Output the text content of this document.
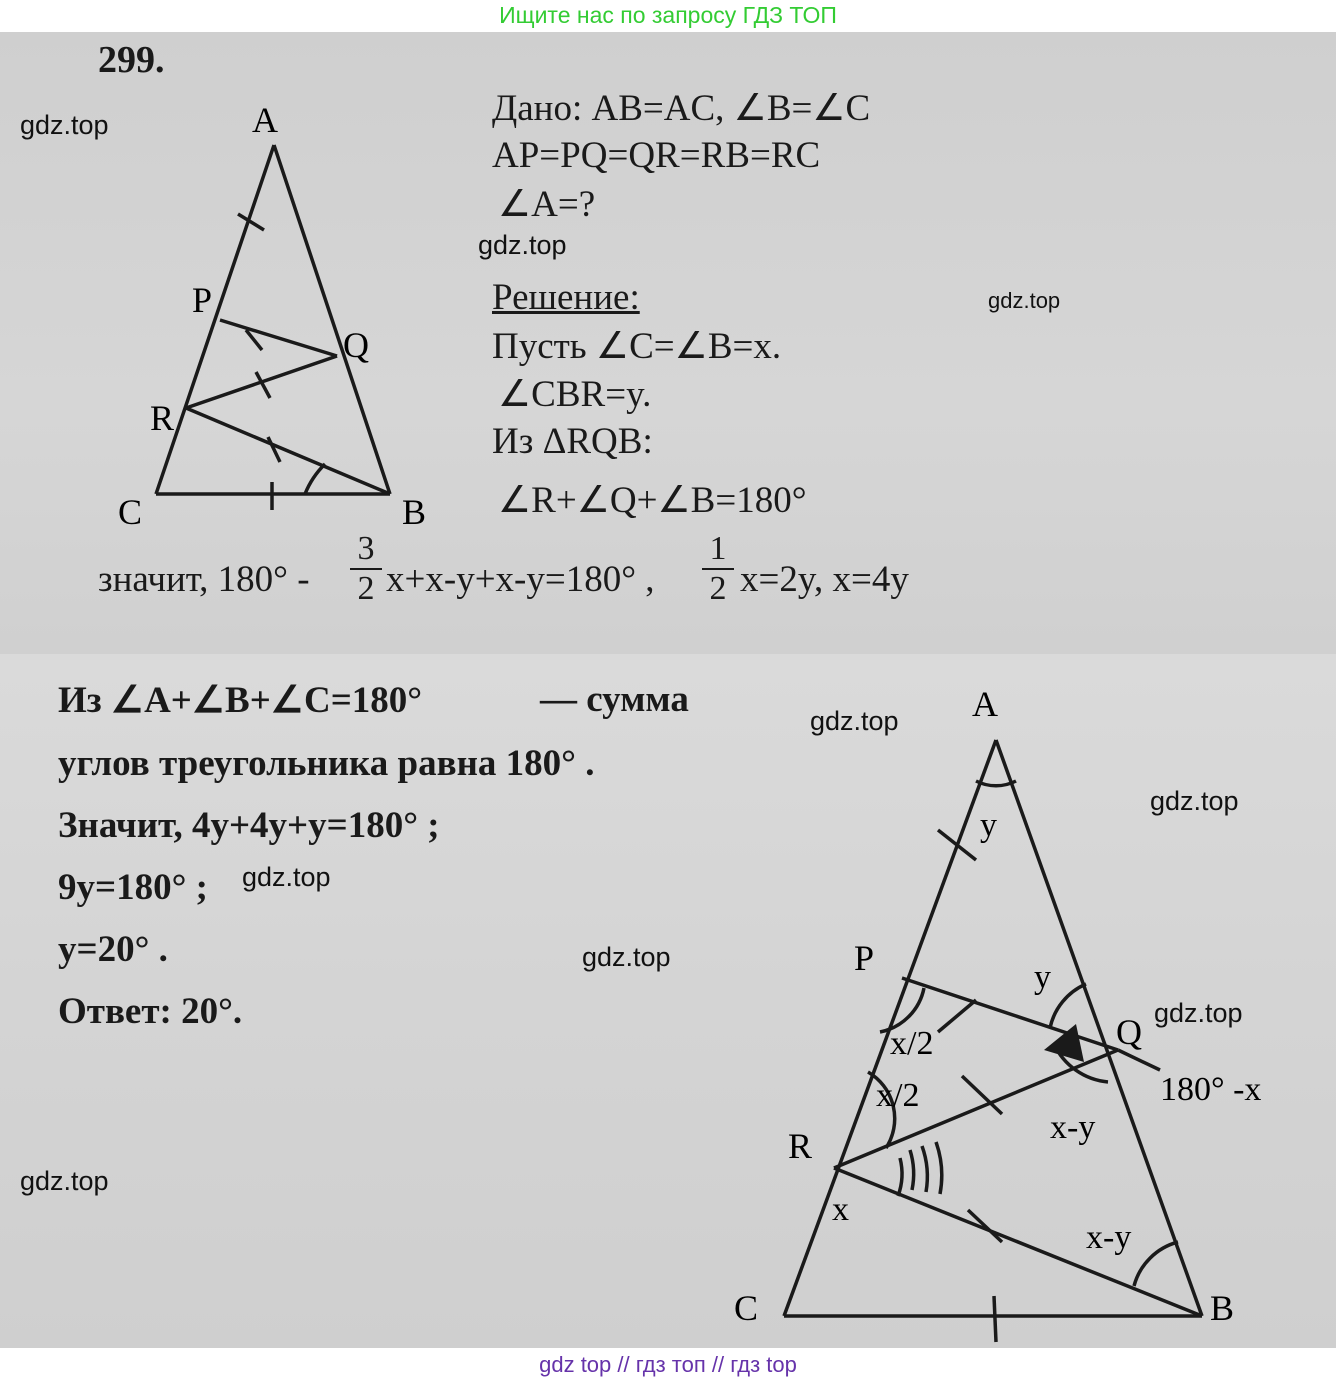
Ищите нас по запросу ГДЗ ТОП
299.
A
P
Q
R
C	B
Дано: AB=AC, ∠B=∠C
AP=PQ=QR=RB=RC
∠A=?
Решение:
Пусть ∠C=∠B=x.
∠CBR=y.
Из ΔRQB:
∠R+∠Q+∠B=180°
значит, 180° -
3
2 x+x-y+x-y=180° ,
1
2 x=2y, x=4y
Из ∠A+∠B+∠C=180°	— сумма
углов треугольника равна 180° .
Значит, 4y+4y+y=180° ;
9y=180° ;
y=20° .
Ответ: 20°.
A
P
Q
R
C	B
y
y
x/2
x/2
x-y
x-y
x
180° -x
gdz.top
gdz.top
gdz.top
gdz.top
gdz.top
gdz.top
gdz.top
gdz.top
gdz.top
gdz top // гдз топ // гдз top
